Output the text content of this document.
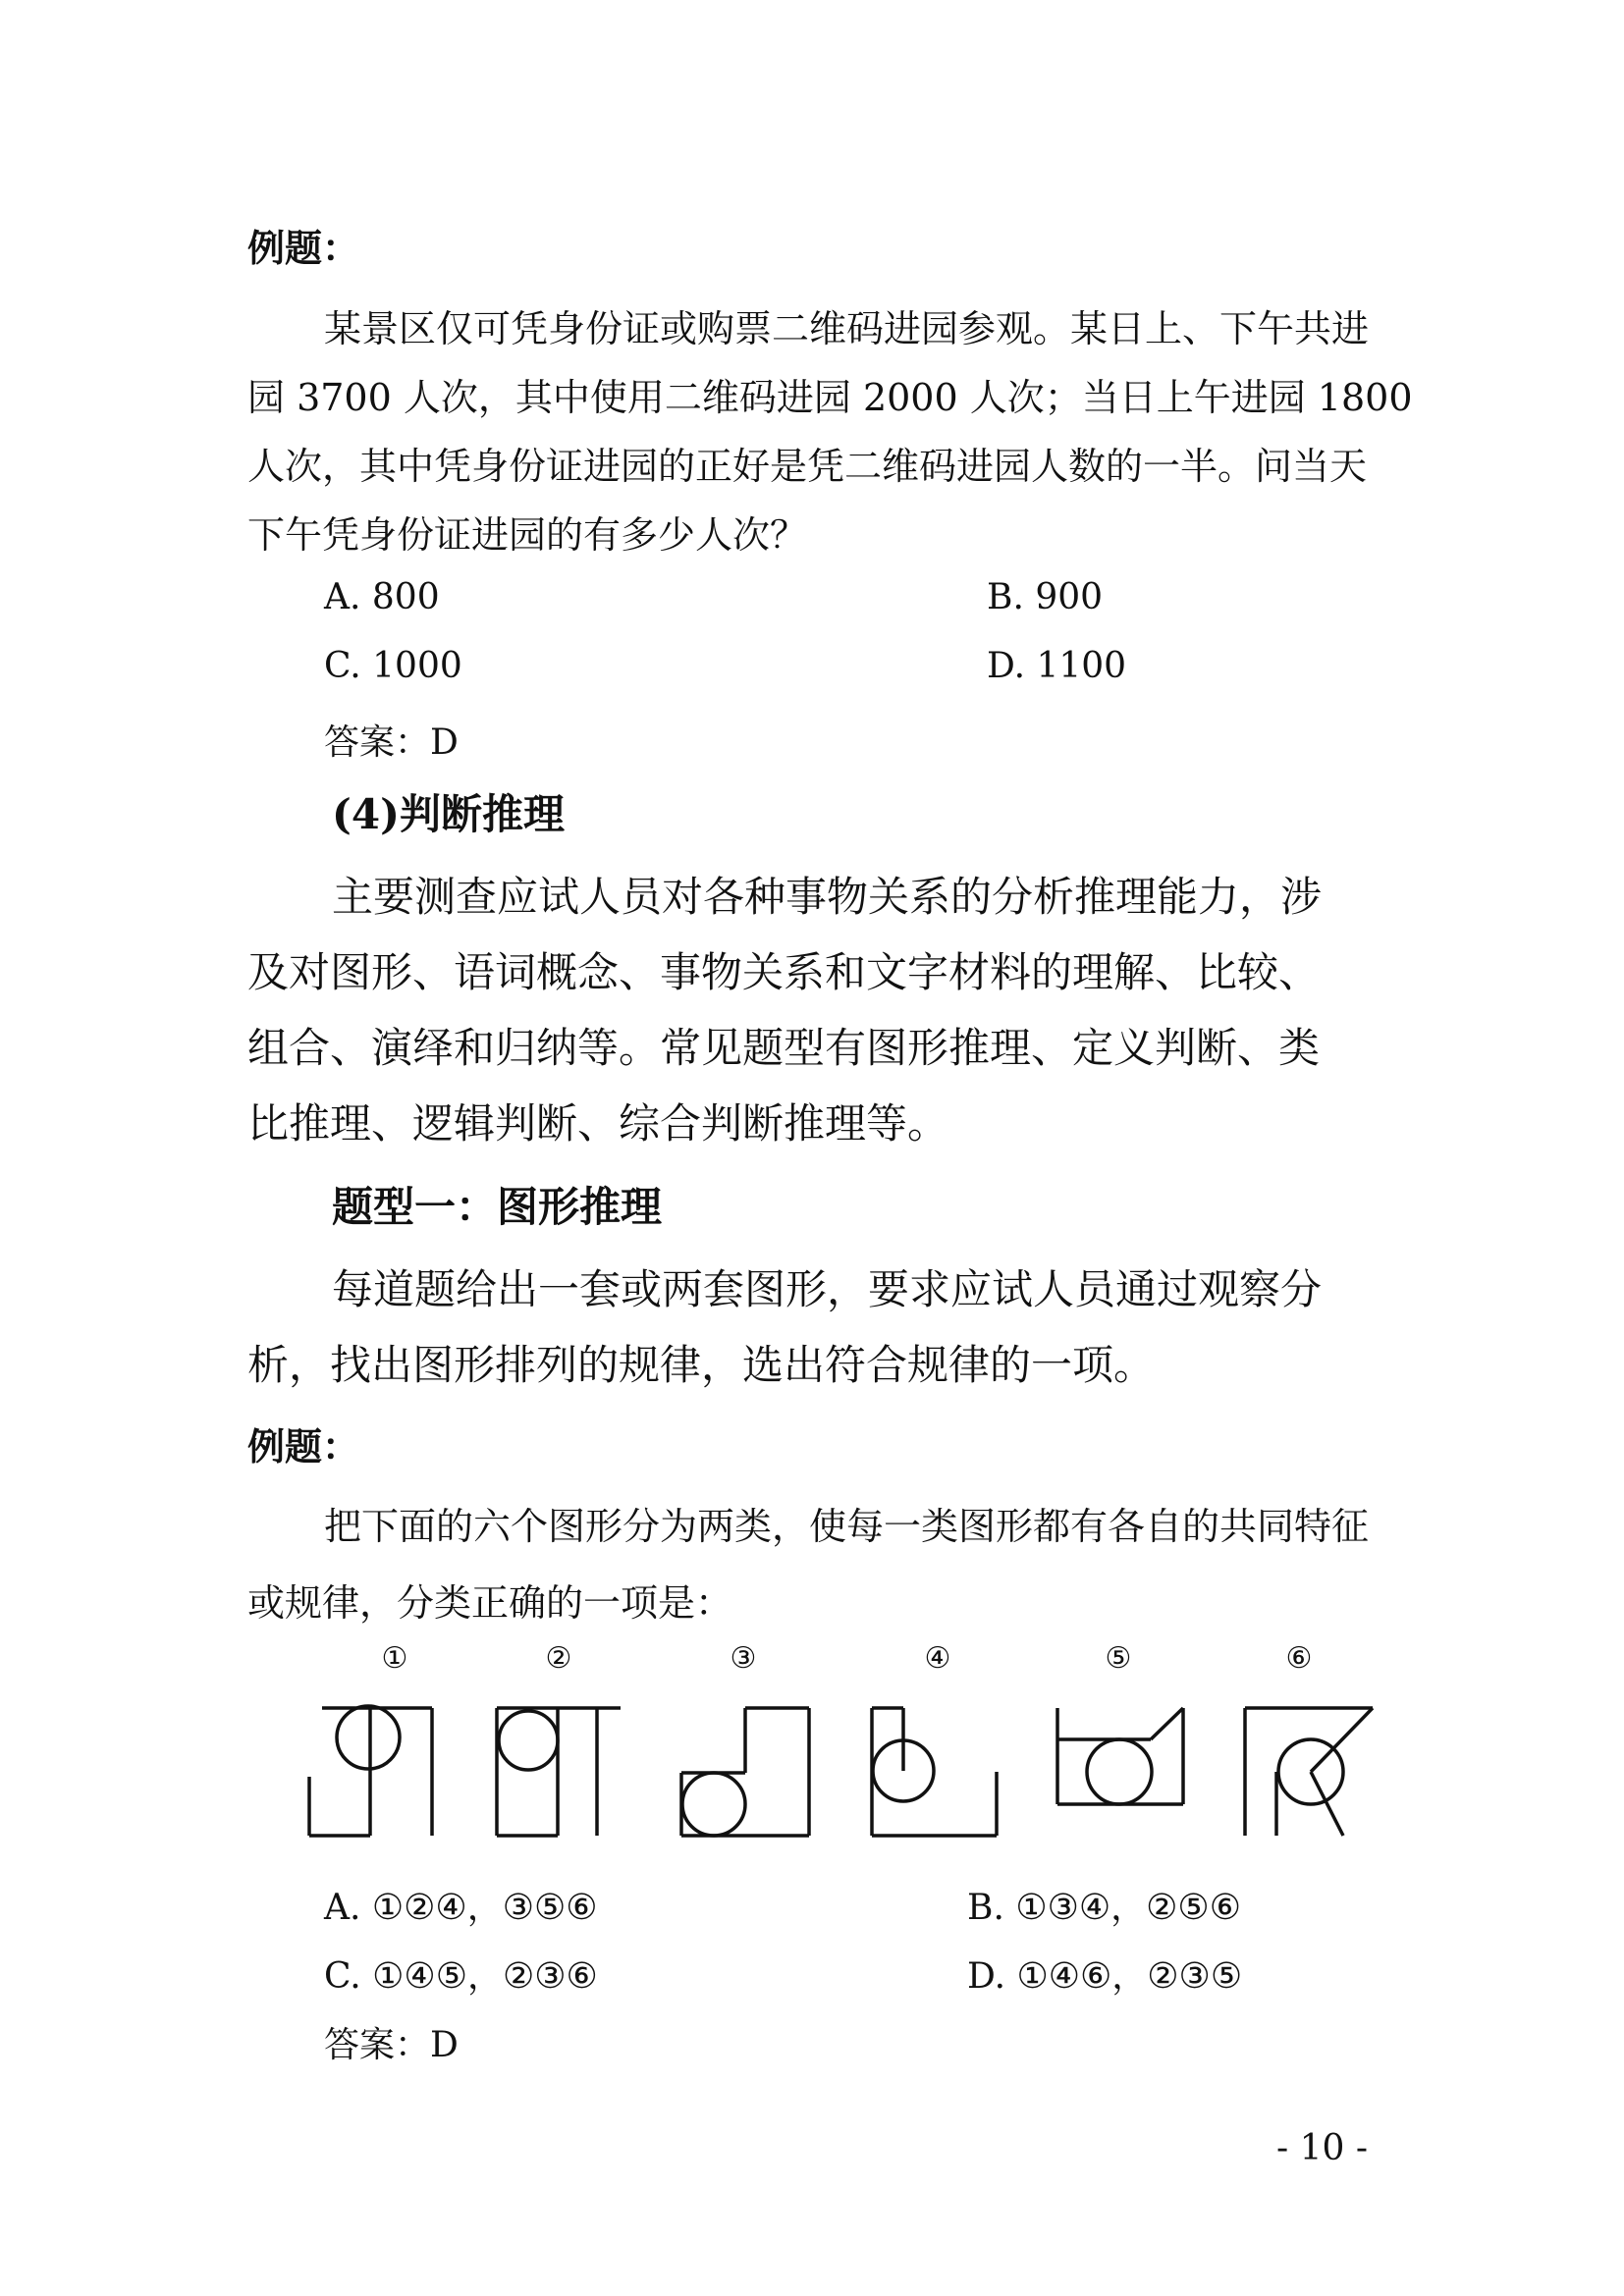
例题：
某景区仅可凭身份证或购票二维码进园参观。某日上、下午共进
园 3700 人次，其中使用二维码进园 2000 人次；当日上午进园 1800
人次，其中凭身份证进园的正好是凭二维码进园人数的一半。问当天
下午凭身份证进园的有多少人次？
A. 800	B. 900
C. 1000	D. 1100
答案：D
(4)判断推理
主要测查应试人员对各种事物关系的分析推理能力，涉
及对图形、语词概念、事物关系和文字材料的理解、比较、
组合、演绎和归纳等。常见题型有图形推理、定义判断、类
比推理、逻辑判断、综合判断推理等。
题型一：图形推理
每道题给出一套或两套图形，要求应试人员通过观察分
析，找出图形排列的规律，选出符合规律的一项。
例题：
把下面的六个图形分为两类，使每一类图形都有各自的共同特征
或规律，分类正确的一项是：
①	②	③	④	⑤	⑥
A. ①②④，③⑤⑥	B. ①③④，②⑤⑥
C. ①④⑤，②③⑥	D. ①④⑥，②③⑤
答案：D
- 10 -
